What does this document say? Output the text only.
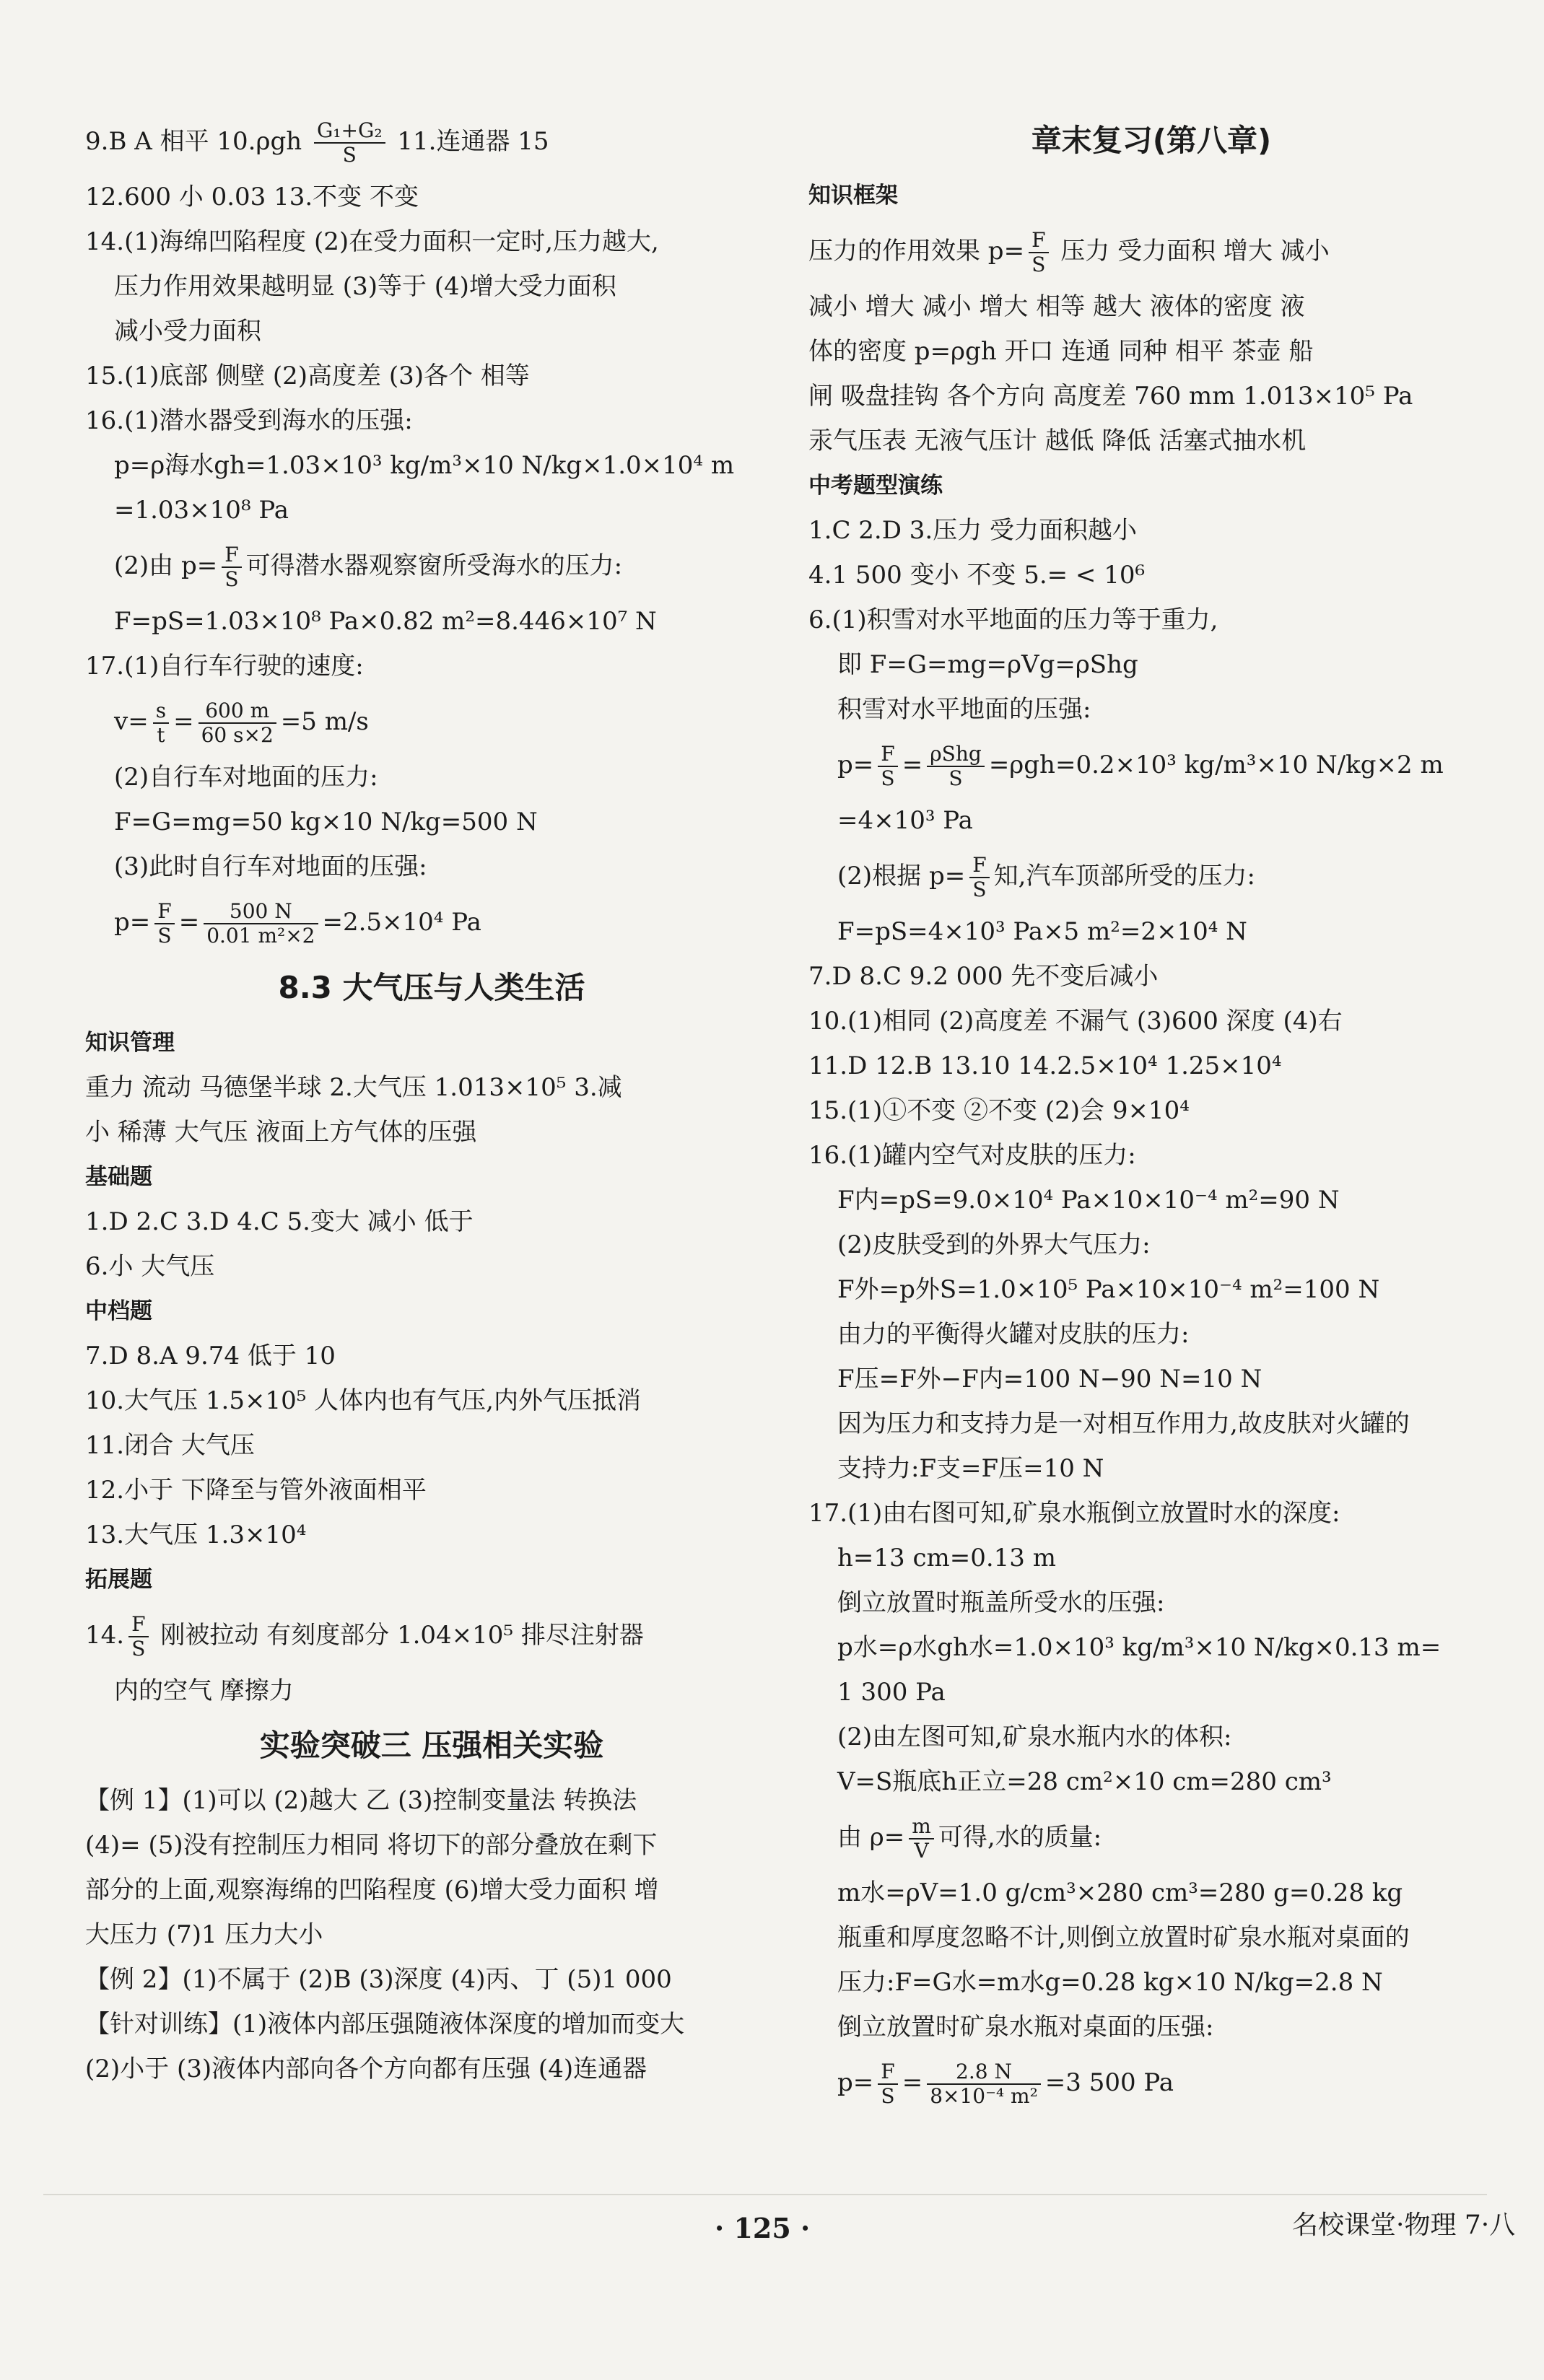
9.B A 相平 $10.\rho gh \frac{\text{G₁+G₂}}{S} 11$.连通器 15
12.600 小 0.03 13.不变 不变
14.(1)海绵凹陷程度 (2)在受力面积一定时,压力越大,
压力作用效果越明显 (3)等于 (4)增大受力面积
减小受力面积
15.(1)底部 侧壁 (2)高度差 (3)各个 相等
16.(1)潜水器受到海水的压强:
p=ρ海水gh=1.03×10³ kg/m³×10 N/kg×1.0×10⁴ m
=1.03×10⁸ Pa
(2)由 $p= \frac{F}{S}$ 可得潜水器观察窗所受海水的压力:
F=pS=1.03×10⁸ Pa×0.82 m²=8.446×10⁷ N
17.(1)自行车行驶的速度:
$v= \frac{s}{t} = \frac{600 m}{60 s\times 2} =5$ m/s
(2)自行车对地面的压力:
F=G=mg=50 kg×10 N/kg=500 N
(3)此时自行车对地面的压强:
$p= \frac{F}{S} = \frac{500 N}{\text{0.01 m²×2}} =2.5\times 10^4$ Pa
8.3 大气压与人类生活
知识管理
重力 流动 马德堡半球 2.大气压 1.013×10⁵ 3.减
小 稀薄 大气压 液面上方气体的压强
基础题
1.D 2.C 3.D 4.C 5.变大 减小 低于
6.小 大气压
中档题
7.D 8.A 9.74 低于 10
10.大气压 1.5×10⁵ 人体内也有气压,内外气压抵消
11.闭合 大气压
12.小于 下降至与管外液面相平
13.大气压 1.3×10⁴
拓展题
14. $\frac{F}{S}$ 刚被拉动 有刻度部分 1.04×10⁵ 排尽注射器
内的空气 摩擦力
实验突破三 压强相关实验
【例 1】(1)可以 (2)越大 乙 (3)控制变量法 转换法
(4)= (5)没有控制压力相同 将切下的部分叠放在剩下
部分的上面,观察海绵的凹陷程度 (6)增大受力面积 增
大压力 (7)1 压力大小
【例 2】(1)不属于 (2)B (3)深度 (4)丙、丁 (5)1 000
【针对训练】(1)液体内部压强随液体深度的增加而变大
(2)小于 (3)液体内部向各个方向都有压强 (4)连通器
章末复习(第八章)
知识框架
压力的作用效果 $p= \frac{F}{S}$ 压力 受力面积 增大 减小
减小 增大 减小 增大 相等 越大 液体的密度 液
体的密度 p=ρgh 开口 连通 同种 相平 茶壶 船
闸 吸盘挂钩 各个方向 高度差 760 mm 1.013×10⁵ Pa
汞气压表 无液气压计 越低 降低 活塞式抽水机
中考题型演练
1.C 2.D 3.压力 受力面积越小
4.1 500 变小 不变 5.= < 10⁶
6.(1)积雪对水平地面的压力等于重力,
即 F=G=mg=ρVg=ρShg
积雪对水平地面的压强:
$p= \frac{F}{S} = \frac{\text{ρShg}}{S} =\rho gh=0.2\times 10^3$ kg/m³×10 N/kg×2 m
=4×10³ Pa
(2)根据 $p= \frac{F}{S}$ 知,汽车顶部所受的压力:
F=pS=4×10³ Pa×5 m²=2×10⁴ N
7.D 8.C 9.2 000 先不变后减小
10.(1)相同 (2)高度差 不漏气 (3)600 深度 (4)右
11.D 12.B 13.10 14.2.5×10⁴ 1.25×10⁴
15.(1)①不变 ②不变 (2)会 9×10⁴
16.(1)罐内空气对皮肤的压力:
F内=pS=9.0×10⁴ Pa×10×10⁻⁴ m²=90 N
(2)皮肤受到的外界大气压力:
F外=p外S=1.0×10⁵ Pa×10×10⁻⁴ m²=100 N
由力的平衡得火罐对皮肤的压力:
F压=F外−F内=100 N−90 N=10 N
因为压力和支持力是一对相互作用力,故皮肤对火罐的
支持力:F支=F压=10 N
17.(1)由右图可知,矿泉水瓶倒立放置时水的深度:
h=13 cm=0.13 m
倒立放置时瓶盖所受水的压强:
p水=ρ水gh水=1.0×10³ kg/m³×10 N/kg×0.13 m=
1 300 Pa
(2)由左图可知,矿泉水瓶内水的体积:
V=S瓶底h正立=28 cm²×10 cm=280 cm³
由 $\rho= \frac{m}{V}$ 可得,水的质量:
m水=ρV=1.0 g/cm³×280 cm³=280 g=0.28 kg
瓶重和厚度忽略不计,则倒立放置时矿泉水瓶对桌面的
压力:F=G水=m水g=0.28 kg×10 N/kg=2.8 N
倒立放置时矿泉水瓶对桌面的压强:
$p= \frac{F}{S} = \frac{2.8 N}{\text{8×10⁻⁴ m²}} =3$ 500 Pa
· 125 ·	名校课堂·物理 7·八
